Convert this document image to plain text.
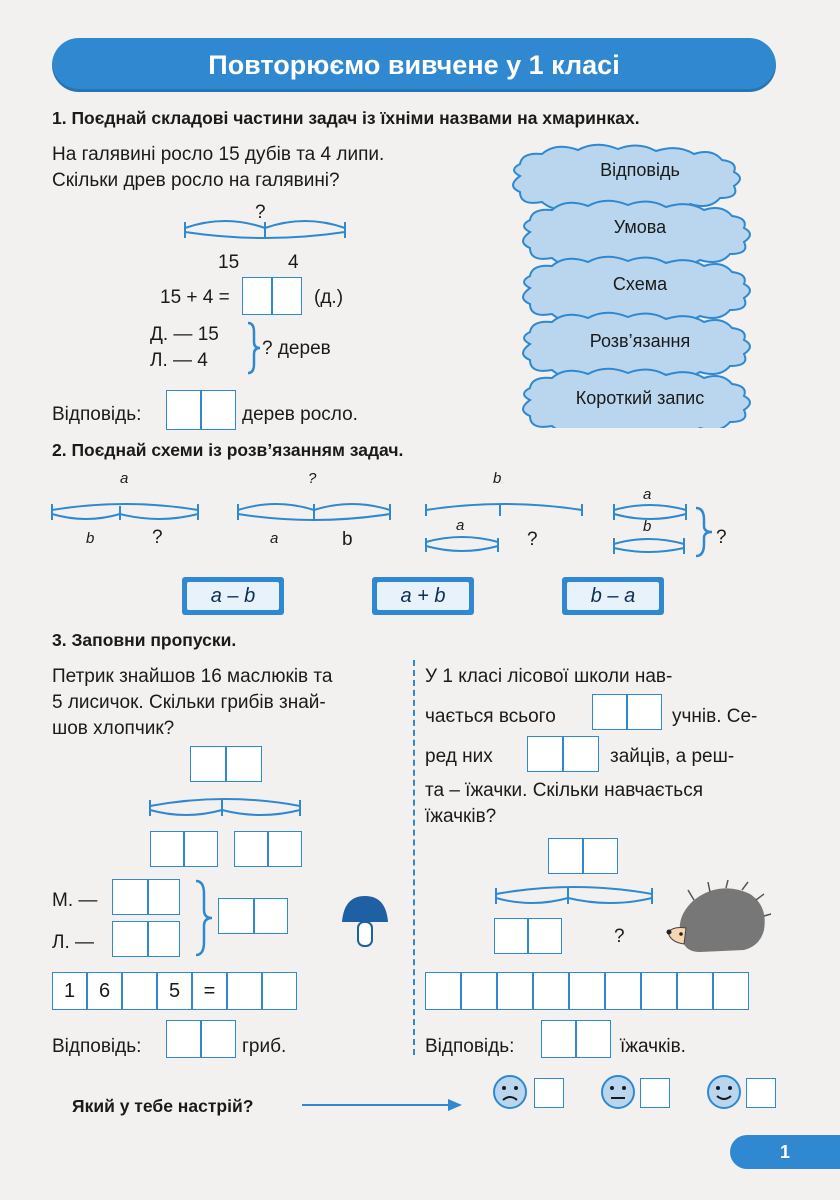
Повторюємо вивчене у 1 класі
1. Поєднай складові частини задач із їхніми назвами на хмаринках.
На галявині росло 15 дубів та 4 липи.
Скільки древ росло на галявині?
?
15	4
15 + 4 =	(д.)
Д. — 15
Л. — 4
? дерев
Відповідь:	дерев росло.
Відповідь
Умова
Схема
Розв’язання
Короткий запис
2. Поєднай схеми із розв’язанням задач.
a
b	?
?
a	b
b
a
?
a
b
?
a – b	a + b	b – a
3. Заповни пропуски.
Петрик знайшов 16 маслюків та
5 лисичок. Скільки грибів знай-
шов хлопчик?
М. —
Л. —
1	6	5	=
Відповідь:	гриб.
У 1 класі лісової школи нав-
чається всього	учнів. Се-
ред них	зайців, а реш-
та – їжачки. Скільки навчається
їжачків?
?
Відповідь:	їжачків.
Який у тебе настрій?
1
